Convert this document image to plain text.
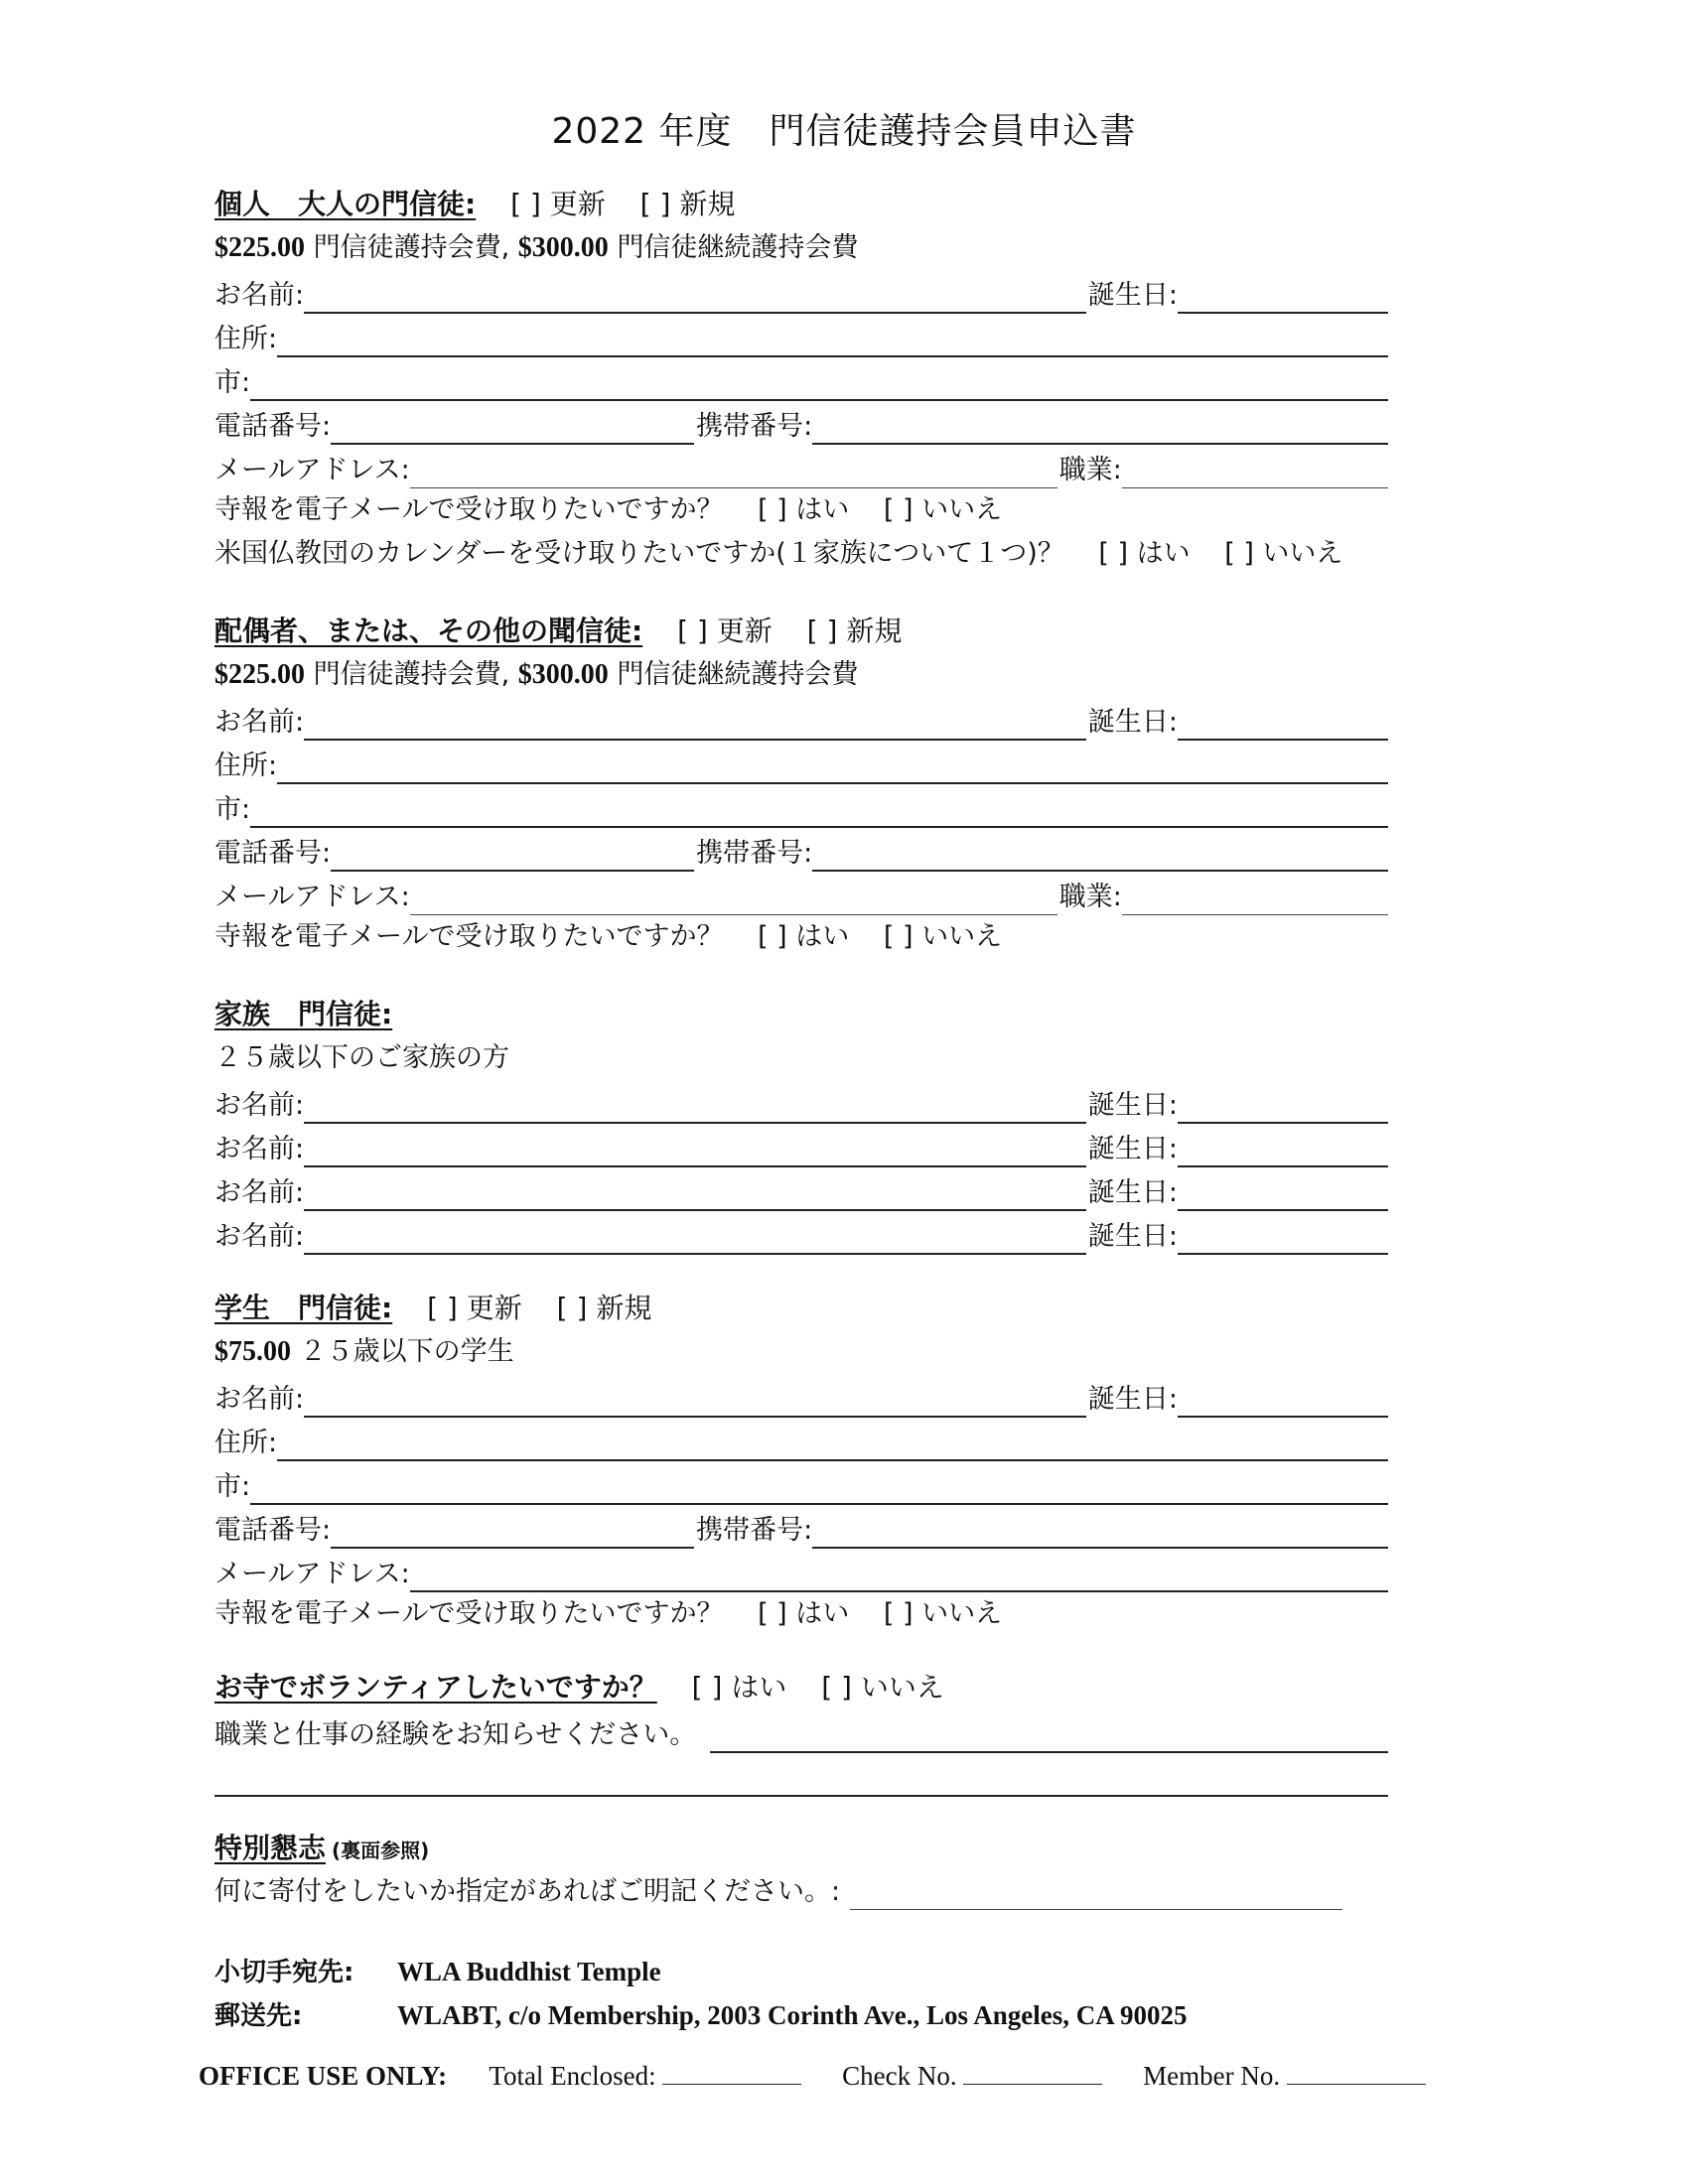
2022 年度　門信徒護持会員申込書
個人　大人の門信徒: [ ] 更新 [ ] 新規
$225.00 門信徒護持会費, $300.00 門信徒継続護持会費
お名前:	誕生日:
住所:
市:
電話番号:	携帯番号:
メールアドレス:	職業:
寺報を電子メールで受け取りたいですか？ [ ] はい [ ] いいえ
米国仏教団のカレンダーを受け取りたいですか(１家族について１つ)？ [ ] はい [ ] いいえ
配偶者、または、その他の聞信徒: [ ] 更新 [ ] 新規
$225.00 門信徒護持会費, $300.00 門信徒継続護持会費
お名前:	誕生日:
住所:
市:
電話番号:	携帯番号:
メールアドレス:	職業:
寺報を電子メールで受け取りたいですか？ [ ] はい [ ] いいえ
家族　門信徒:
２５歳以下のご家族の方
お名前:	誕生日:
お名前:	誕生日:
お名前:	誕生日:
お名前:	誕生日:
学生　門信徒: [ ] 更新 [ ] 新規
$75.00 ２５歳以下の学生
お名前:	誕生日:
住所:
市:
電話番号:	携帯番号:
メールアドレス:
寺報を電子メールで受け取りたいですか？ [ ] はい [ ] いいえ
お寺でボランティアしたいですか？ [ ] はい [ ] いいえ
職業と仕事の経験をお知らせください。
特別懇志 (裏面参照)
何に寄付をしたいか指定があればご明記ください。:
小切手宛先: WLA Buddhist Temple
郵送先:	WLABT, c/o Membership, 2003 Corinth Ave., Los Angeles, CA 90025
OFFICE USE ONLY: Total Enclosed:	Check No.	Member No.
